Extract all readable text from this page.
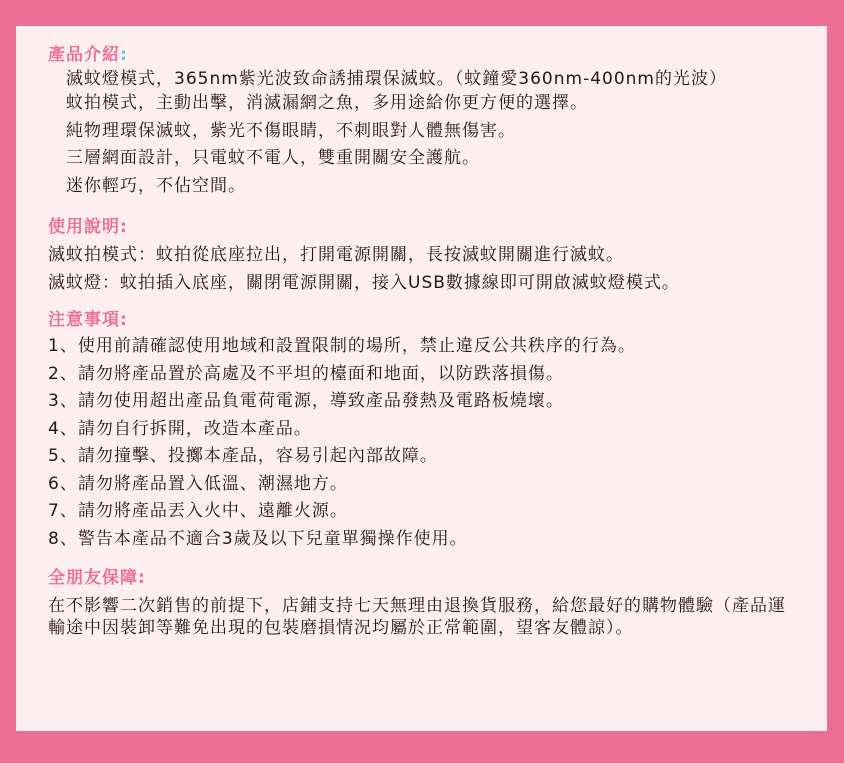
產品介紹:

滅蚊燈模式，365nm紫光波致命誘捕環保滅蚊。（蚊鐘愛360nm-400nm的光波）

蚊拍模式，主動出擊，消滅漏網之魚，多用途給你更方便的選擇。

純物理環保滅蚊，紫光不傷眼睛，不刺眼對人體無傷害。

三層網面設計，只電蚊不電人，雙重開關安全護航。

迷你輕巧，不佔空間。

使用說明:

滅蚊拍模式：蚊拍從底座拉出，打開電源開關，長按滅蚊開關進行滅蚊。

滅蚊燈：蚊拍插入底座，關閉電源開關，接入USB數據線即可開啟滅蚊燈模式。

注意事項:

1、使用前請確認使用地域和設置限制的場所，禁止違反公共秩序的行為。

2、請勿將產品置於高處及不平坦的檯面和地面，以防跌落損傷。

3、請勿使用超出產品負電荷電源，導致產品發熱及電路板燒壞。

4、請勿自行拆開，改造本產品。

5、請勿撞擊、投擲本產品，容易引起內部故障。

6、請勿將產品置入低溫、潮濕地方。

7、請勿將產品丟入火中、遠離火源。

8、警告本產品不適合3歲及以下兒童單獨操作使用。

全朋友保障:

在不影響二次銷售的前提下，店鋪支持七天無理由退換貨服務，給您最好的購物體驗（產品運輸途中因裝卸等難免出現的包裝磨損情況均屬於正常範圍，望客友體諒）。
